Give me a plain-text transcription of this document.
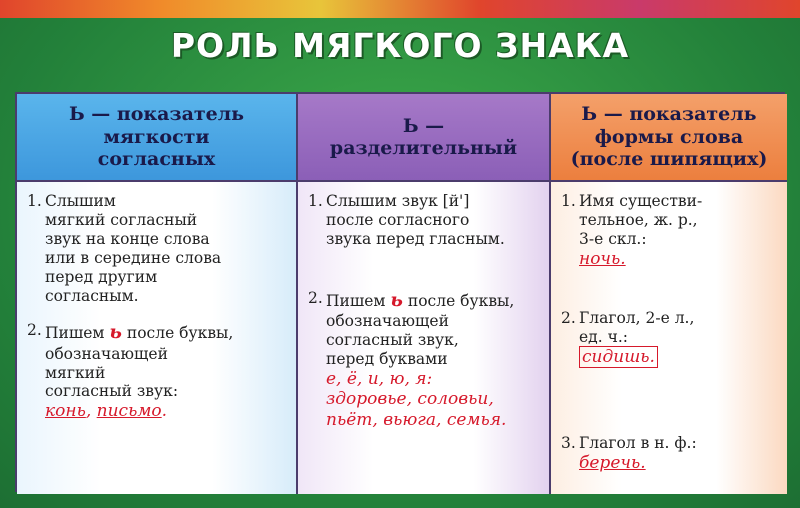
РОЛЬ МЯГКОГО ЗНАКА
Ь — показатель
мягкости
согласных
Ь —
разделительный
Ь — показатель
формы слова
(после шипящих)
1. Слышим
мягкий согласный
звук на конце слова
или в середине слова
перед другим
согласным.
2. Пишем ь после буквы,
обозначающей
мягкий
согласный звук:
конь, письмо.
1. Слышим звук [й']
после согласного
звука перед гласным.
2. Пишем ь после буквы,
обозначающей
согласный звук,
перед буквами
е, ё, и, ю, я:
здоровье, соловьи,
пьёт, вьюга, семья.
1. Имя существи-
тельное, ж. р.,
3-е скл.:
ночь.
2. Глагол, 2-е л.,
ед. ч.:
сидишь.
3. Глагол в н. ф.:
беречь.
